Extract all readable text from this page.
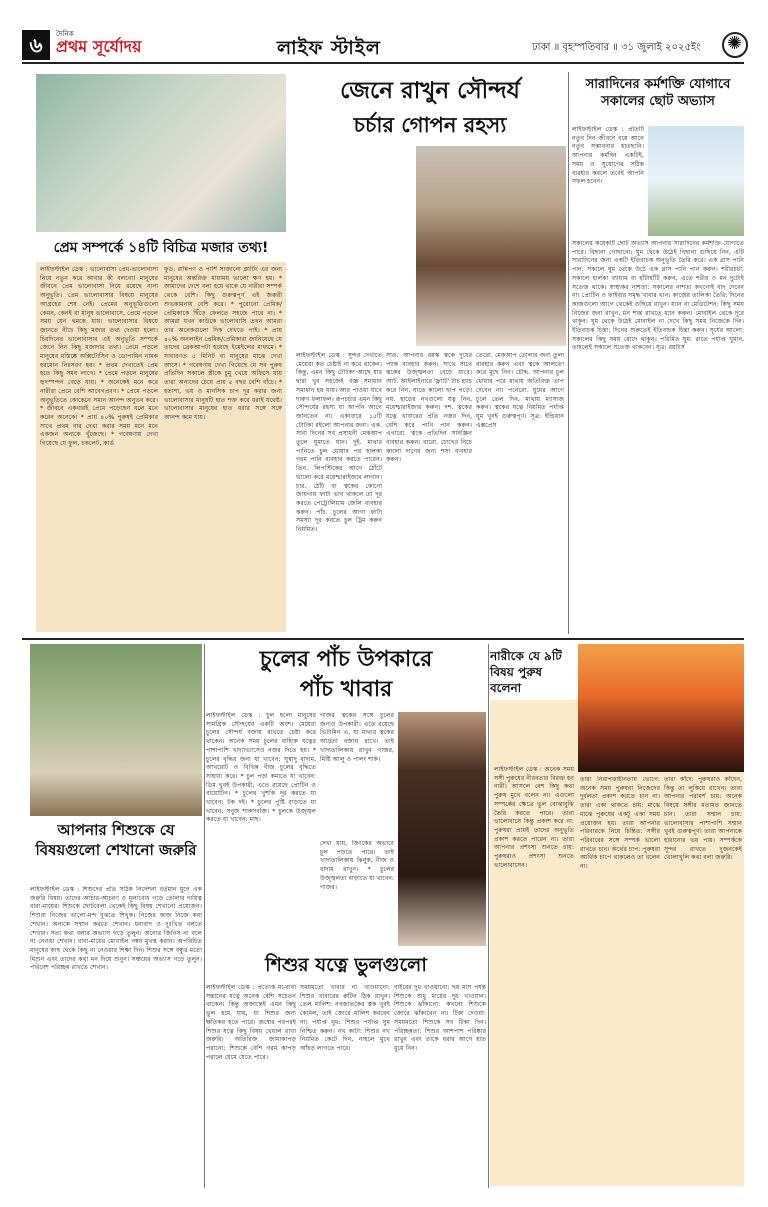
৬	দৈনিক
প্রথম সূর্যোদয়	লাইফ স্টাইল	ঢাকা ॥ বৃহস্পতিবার ॥ ৩১ জুলাই ২০২৫ইং
✺
প্রেম সম্পর্কে ১৪টি বিচিত্র মজার তথ্য!
লাইফস্টাইল ডেস্ক : ভালোবাসা প্রেম-ভালোবাসা নিয়ে নতুন করে আবার কী বলবো! মানুষের জীবনে প্রেম ভালোবাসা নিয়ে রয়েছে নানা অনুভূতি। প্রেম ভালোবাসার বিষয়ে মানুষের আগ্রহের শেষ নেই। প্রেমের অনুভূতিগুলো কেমন, কেনই বা মানুষ ভালোবাসে, প্রেমে পড়লে সময় যেন থমকে যায়। ভালোবাসার বিষয়ে জানতে নীচে কিছু মজার তথ্য দেওয়া হলো। চিরদিনের ভালোবাসার এই অনুভূতি সম্পর্কে জেনে নিন কিছু মজাদার তথ্য। প্রেমে পড়লে মানুষের মস্তিষ্কে অক্সিটোসিন ও ডোপামিন নামক হরমোন নিঃসরণ হয়। * প্রথম দেখাতেই প্রেম হতে কিছু সময় লাগে। * প্রেমে পড়লে মানুষের হৃদস্পন্দন বেড়ে যায়। * অনেকেই মনে করে নারীরা প্রেমে বেশি আবেগপ্রবণ। * প্রেমে পড়লে অনুভূতিতে কোকেনে সমান আনন্দ অনুভব করে। * জীবনে একবারই প্রেমে পড়েছেন বলে মনে করেন অনেকে। * প্রায় ৪০% পুরুষই প্রেমিকার সাথে প্রথম বার দেখা করার সময় মনে মনে একজন অন্যকে খুঁজেছে। * গবেষণায় দেখা গিয়েছে যে ফুল, চকলেট, কার্ড
ফুড, রান্নিপণ ও পার্শি সাজানো ক্লাটিং এর জন্য মানুষের অন্তরিক্ত মায়াময় ভালো ক্ষণ হয়। * আমাদের দেশে বলা হয়ে থাকে যে নারীরা সম্পর্ক থেকে বেশি। কিছু গুরুত্বপূর্ণ এই জরুরী শুভকামনায় বেশি করে। * পুরোনো প্রেমিক/প্রেমিকাকে ছিঁড়ে ফেলতে সহজে পারে না। * আমরা যখন কাউকে ভালোবাসি তখন আমরা তার অনেকগুলো দিক দেখতে পাই। * প্রায় ৪০% অনলাইন প্রেমিক/প্রেমিকারা জানিয়েছে যে তাদের ব্রেকআপটা হয়েছে ইমেইলের মাধ্যমে। * সাধারণত ৫ মিনিট বা মানুষের মাঝে দেখা আসে। * গবেষণায় দেখা গিয়েছে যে সব পুরুষ প্রতিদিন সকালে স্ত্রীকে চুমু খেয়ে অফিসে যায় তারা অন্যদের চেয়ে প্রায় ৫ বছর বেশি বাঁচে। * হতাশা, ভয় ও মানসিক চাপ দূর করার জন্য ভালোবাসার মানুষটি হাত শক্ত করে ধরাই যথেষ্ট। ভালোবাসার মানুষের হাত ধরার সঙ্গে সঙ্গে আনন্দ কমে যায়।
জেনে রাখুন সৌন্দর্য
চর্চার গোপন রহস্য
লাইফস্টাইল ডেস্ক : সুন্দর দেখাতে মেয়েরা কত চেষ্টাই না করে থাকেন। কিন্তু, এমন কিছু টোটকা আছে যার দ্বারা খুব সহজেই বজ্ঞ সমাধান সমাধান হয় যায়। আর পাওয়া যাবে দারুণ ফলাফল। রূপচর্চার এমন কিছু সৌন্দর্যের রহস্য যা আপনি আগে জানতেন না। একাবারে ১৫টি টোটকা রইলো আপনার জন্য। এক. সারা দিনের সব প্রসাধনী মেকআপ তুলে ঘুমাতে যান। দুই. মাথার পানিতে চুল ধোয়ার পর হালকা গরম পানি ব্যবহার করতে পারেন। তিন. লিপস্টিকের আগে ঠোঁটে ভালো করে ময়েশ্চারাইজার লাগান। চার. ঠোঁট বা ত্বকের কোনো জায়গায় ফাটা ভাব থাকলে তা দূর করতে পেট্রোলিয়াম জেলি ব্যবহার করুন। পাঁচ. চুলের আগা ফাটা সমস্যা দূর করতে চুল ট্রিম করুন নিয়মিত।
সাত. আপনার বয়স্ক ত্বকে দুধের প্যাক ব্যবহার করুন। সাথে সাথে ত্বকের উজ্জ্বলতা বেড়ে যাবে। আট. আইলাইনারে 'ফ্ল্যাট' টাচ হ্যাচ করে নিন, যাতে কালো ছাপ পড়ে। নয়. হাতের নখগুলো যত্ন নিন, ময়েশ্চারাইজার করুন। দশ. ত্বকের যত্নে খাবারের প্রতি নজর দিন, বেশি করে পানি পান করুন। এগারো. ত্বকে প্রতিদিন সানস্ক্রিন ব্যবহার করুন। বারো. চোখের নিচে কালো দাগের জন্য শসা ব্যবহার করুন।
তেরো. মেকআপ তোলার জন্য তুলা ব্যবহার করুন এবং ত্বকে আলতো করে মুছে নিন। চৌদ্দ. আপনার চুল ধোয়ার পরে মাথায় অতিরিক্ত তাপ দেবেন না। পনেরো. ঘুমের আগে চুলে তেল দিন, মাথায় ম্যাসাজ করুন। ত্বকের যত্নে নিয়মিত পর্যাপ্ত ঘুম খুবই গুরুত্বপূর্ণ। সূত্র: ইন্ডিয়ান এক্সপ্রেস
সারাদিনের কর্মশক্তি যোগাবে সকালের ছোট অভ্যাস
লাইফস্টাইল ডেস্ক : প্রতিটি নতুন দিন জীবনে বয়ে আনে নতুন সম্ভাবনার হাতছানি। আপনার কর্মদিন একটিই, সময় ও সুযোগের সঠিক ব্যবহার করলে তবেই আপনি সফল হবেন।
সকালের কয়েকটি ছোট অভ্যাস আপনার সারাদিনের কর্মশক্তি যোগাতে পারে। বিছানা গোছানো: ঘুম থেকে উঠেই বিছানা গুছিয়ে নিন, এটি সারাদিনের জন্য একটি ইতিবাচক অনুভূতি তৈরি করে। এক গ্লাস পানি পান: সকালে ঘুম থেকে উঠে এক গ্লাস পানি পান করুন। শরীরচর্চা: সকালে হালকা ব্যায়াম বা হাঁটাহাঁটি করুন, এতে শরীর ও মন দুটোই সতেজ থাকে। স্বাস্থ্যকর নাশতা: সকালের নাশতা কখনোই বাদ দেবেন না। প্রোটিন ও ফাইবার সমৃদ্ধ খাবার খান। কাজের তালিকা তৈরি: দিনের কাজগুলো আগে থেকেই গুছিয়ে রাখুন। ধ্যান বা মেডিটেশন: কিছু সময় নিজের জন্য রাখুন, মন শান্ত রাখতে ধ্যান করুন। মোবাইল থেকে দূরে থাকুন: ঘুম থেকে উঠেই মোবাইল না দেখে কিছু সময় নিজেকে দিন। ইতিবাচক চিন্তা: দিনের শুরুতেই ইতিবাচক চিন্তা করুন। সূর্যের আলো: সকালের কিছু সময় রোদে থাকুন। পরিমিত ঘুম: রাতে পর্যাপ্ত ঘুমান, তাহলেই সকালে সতেজ থাকবেন। সূত্র: রয়টার্স
আপনার শিশুকে যে বিষয়গুলো শেখানো জরুরি
লাইফস্টাইল ডেস্ক : শিশুদের প্রতি সঠিক নির্দেশনা বর্তমান যুগে এক জরুরি বিষয়। তাদের আচার-আচরণ ও মূল্যবোধ গড়ে তোলার দায়িত্ব বাবা-মায়ের। শিশুকে ছোটবেলা থেকেই কিছু বিষয় শেখানো প্রয়োজন। শিশুরা নিজের ভালো-মন্দ বুঝতে শিখুক। নিজের কাজ নিজে করা শেখান। অন্যকে সম্মান করতে শেখান। ধন্যবাদ ও দুঃখিত বলতে শেখান। সত্য কথা বলার অভ্যাস গড়ে তুলুন। অন্যের জিনিস না বলে না নেওয়া শেখান। বাবা-মায়ের মোবাইল নম্বর মুখস্থ করান। অপরিচিত মানুষের কাছ থেকে কিছু না নেওয়ার শিক্ষা দিন। শিশুর সঙ্গে বন্ধুর মতো মিশুন এবং তাদের কথা মন দিয়ে শুনুন। সঞ্চয়ের অভ্যাস গড়ে তুলুন। পরিবেশ পরিচ্ছন্ন রাখতে শেখান।
চুলের পাঁচ উপকারে
পাঁচ খাবার
লাইফস্টাইল ডেস্ক : চুল হলো মানুষের সামগ্রিক সৌন্দর্যের একটি অংশ। মেয়েরা চুলের সৌন্দর্য বজায় রাখতে চেষ্টা করে থাকেন। অনেক সময় চুলের বাহ্যিক যত্নের পাশাপাশি খাদ্যাভ্যাসেও নজর দিতে হয়। * চুলের বৃদ্ধির জন্য যা খাবেন: সুস্বাদু বাদাম, আখরোট ও বিভিন্ন বীজ চুলের বৃদ্ধিতে সাহায্য করে। * চুল পড়া কমাতে যা খাবেন: ডিম খুবই উপকারী, এতে রয়েছে প্রোটিন ও বায়োটিন। * চুলের খুশকি দূর করতে যা খাবেন: টক দই। * চুলের পুষ্টি বাড়াতে যা খাবেন: সবুজ শাকসবজি। * চুলকে উজ্জ্বল করতে যা খাবেন: মাছ।
গাজর ত্বকের সঙ্গে চুলের জন্যও উপকারী। এতে রয়েছে ভিটামিন এ, যা মাথার ত্বকের আর্দ্রতা বজায় রাখে। তাই খাদ্যতালিকায় রাখুন গাজর, মিষ্টি আলু ও পালং শাক।
দেখা যায়, জিংকের অভাবে চুল পড়তে পারে। তাই খাদ্যতালিকায় ঝিনুক, বীজ ও বাদাম রাখুন। * চুলের উজ্জ্বলতা বাড়াতে যা খাবেন: গাজর।
শিশুর যত্নে ভুলগুলো
লাইফস্টাইল ডেস্ক : প্রত্যেক মা-বাবা সন্তানের যত্নে অনেক বেশি সচেতন থাকেন। কিন্তু অজান্তেই এমন কিছু ভুল হয়ে যায়, যা শিশুর জন্য ক্ষতিকর হতে পারে। জন্মের পরপরই শিশুর যত্নে কিছু বিষয় খেয়াল রাখা জরুরি। অতিরিক্ত জামাকাপড় পরানো: শিশুকে বেশি গরম কাপড় পরালে ঘেমে যেতে পারে।
সময়মতো খাবার না খাওয়ানো: শিশুর খাবারের রুটিন ঠিক রাখুন। তেল মালিশ: নবজাতকের ত্বক খুবই কোমল, তাই জোরে মালিশ করবেন না। পর্যাপ্ত ঘুম: শিশুর পর্যাপ্ত ঘুম নিশ্চিত করুন। নখ কাটা: শিশুর নখ নিয়মিত কেটে দিন, নাহলে মুখে আঁচড় লাগতে পারে।
বাইরের দুধ খাওয়ানো: ছয় মাস পর্যন্ত শিশুকে শুধু মায়ের দুধ খাওয়ান। শিশুকে ঝাঁকানো: কখনো শিশুকে জোরে ঝাঁকাবেন না। টিকা দেওয়া: সময়মতো শিশুকে সব টিকা দিন। পরিচ্ছন্নতা: শিশুর আশপাশ পরিষ্কার রাখুন এবং তাকে ধরার আগে হাত ধুয়ে নিন।
নারীকে যে ৯টি বিষয় পুরুষ বলেনা
লাইফস্টাইল ডেস্ক : অনেক সময় সঙ্গী পুরুষের নীরবতার বিরক্ত হন নারী। আসলে বেশ কিছু কথা পুরুষ মুখে বলেন না। এগুলো সম্পর্কের ক্ষেত্রে ভুল বোঝাবুঝি তৈরি করতে পারে। তারা ভালোবাসে কিন্তু প্রকাশ করে না: পুরুষরা প্রায়ই তাদের অনুভূতি প্রকাশ করতে পারেন না। তারা আপনার প্রশংসা শুনতে চায়: পুরুষরাও প্রশংসা শুনতে ভালোবাসেন।
তারা নিরাপত্তাহীনতায় ভোগে: অনেক সময় পুরুষরা নিজেদের দুর্বলতা প্রকাশ করতে চান না। তারা একা থাকতে চায়: মাঝে মাঝে পুরুষের একটু একা সময় প্রয়োজন হয়। তারা আপনার পরিবারকে নিয়ে চিন্তিত: সঙ্গীর পরিবারের সঙ্গে সম্পর্ক ভালো রাখতে চান। অর্থের চাপ: পুরুষরা আর্থিক চাপে থাকলেও তা বলেন না।
তারা কাঁদে: পুরুষরাও কাঁদেন, কিন্তু তা লুকিয়ে রাখেন। তারা আপনার পরামর্শ চায়: অনেক বিষয়ে সঙ্গীর মতামত জানতে চান। তারা সম্মান চায়: ভালোবাসার পাশাপাশি সম্মান খুবই গুরুত্বপূর্ণ। তারা আপনাকে হারানোর ভয় পায়। সম্পর্ককে সুন্দর রাখতে দুজনকেই খোলাখুলি কথা বলা জরুরি।
